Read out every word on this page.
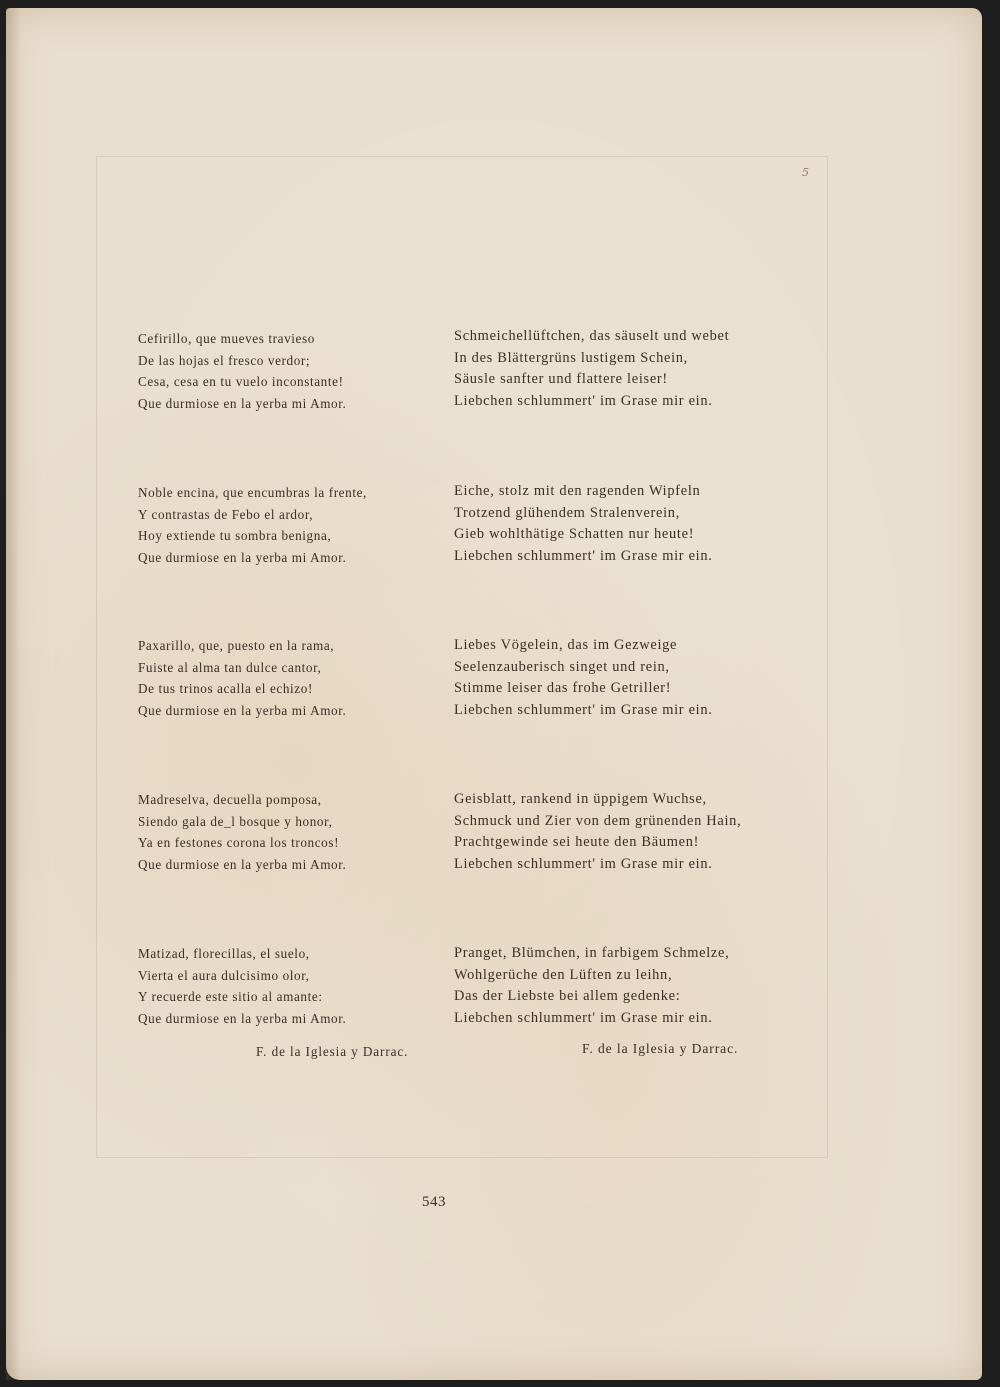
5
Cefirillo, que mueves travieso
De las hojas el fresco verdor;
Cesa, cesa en tu vuelo inconstante!
Que durmiose en la yerba mi Amor.
Noble encina, que encumbras la frente,
Y contrastas de Febo el ardor,
Hoy extiende tu sombra benigna,
Que durmiose en la yerba mi Amor.
Paxarillo, que, puesto en la rama,
Fuiste al alma tan dulce cantor,
De tus trinos acalla el echizo!
Que durmiose en la yerba mi Amor.
Madreselva, decuella pomposa,
Siendo gala de_l bosque y honor,
Ya en festones corona los troncos!
Que durmiose en la yerba mi Amor.
Matizad, florecillas, el suelo,
Vierta el aura dulcisimo olor,
Y recuerde este sitio al amante:
Que durmiose en la yerba mi Amor.
Schmeichellüftchen, das säuselt und webet
In des Blättergrüns lustigem Schein,
Säusle sanfter und flattere leiser!
Liebchen schlummert' im Grase mir ein.
Eiche, stolz mit den ragenden Wipfeln
Trotzend glühendem Stralenverein,
Gieb wohlthätige Schatten nur heute!
Liebchen schlummert' im Grase mir ein.
Liebes Vögelein, das im Gezweige
Seelenzauberisch singet und rein,
Stimme leiser das frohe Getriller!
Liebchen schlummert' im Grase mir ein.
Geisblatt, rankend in üppigem Wuchse,
Schmuck und Zier von dem grünenden Hain,
Prachtgewinde sei heute den Bäumen!
Liebchen schlummert' im Grase mir ein.
Pranget, Blümchen, in farbigem Schmelze,
Wohlgerüche den Lüften zu leihn,
Das der Liebste bei allem gedenke:
Liebchen schlummert' im Grase mir ein.
F. de la Iglesia y Darrac.	F. de la Iglesia y Darrac.
543
